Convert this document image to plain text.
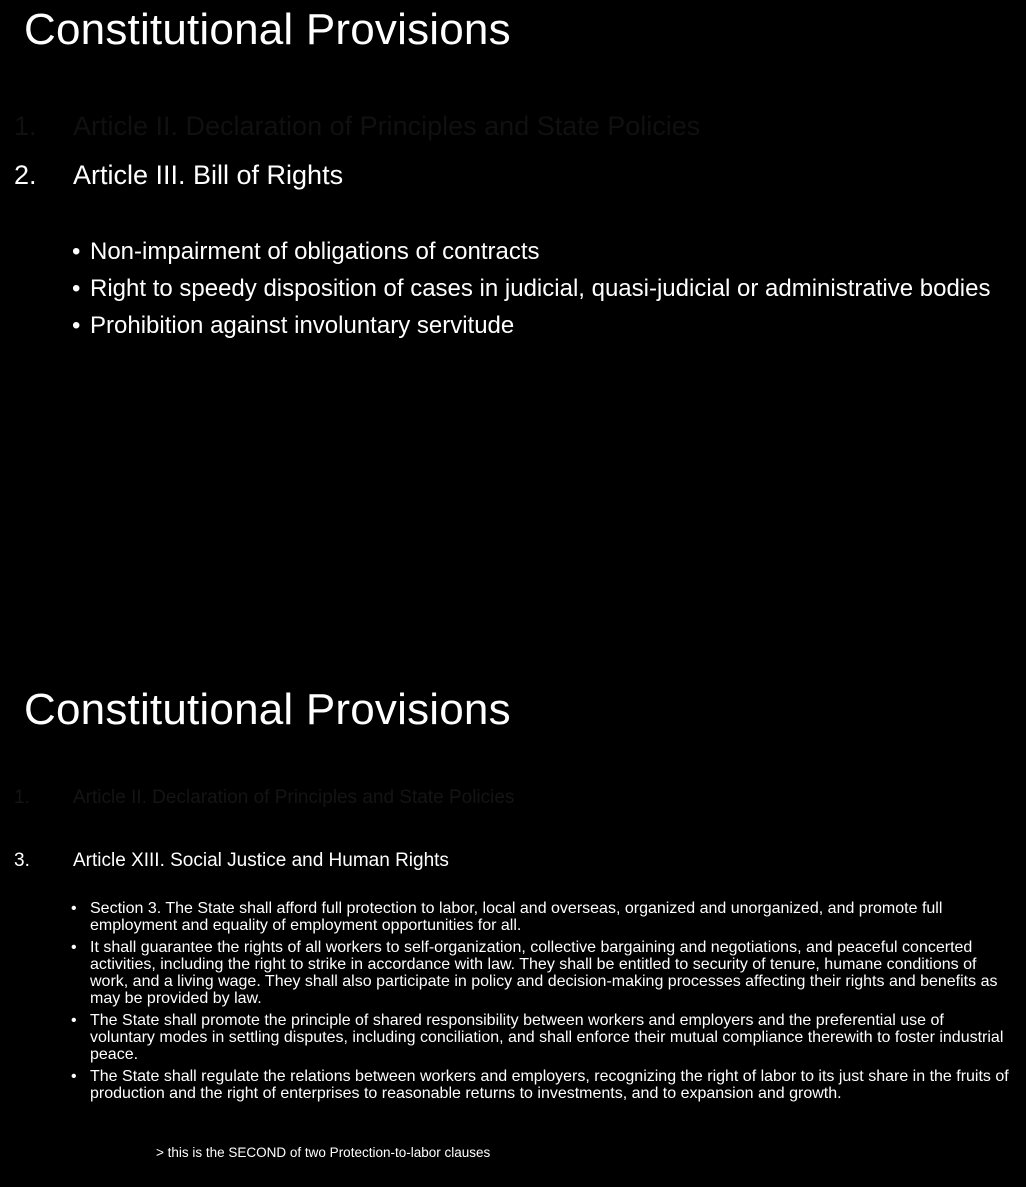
Constitutional Provisions
1. Article II. Declaration of Principles and State Policies
2. Article III. Bill of Rights
• Non-impairment of obligations of contracts
• Right to speedy disposition of cases in judicial, quasi-judicial or administrative bodies
• Prohibition against involuntary servitude
Constitutional Provisions
1. Article II. Declaration of Principles and State Policies
3. Article XIII. Social Justice and Human Rights
• Section 3. The State shall afford full protection to labor, local and overseas, organized and unorganized, and promote full employment and equality of employment opportunities for all.
• It shall guarantee the rights of all workers to self-organization, collective bargaining and negotiations, and peaceful concerted activities, including the right to strike in accordance with law. They shall be entitled to security of tenure, humane conditions of work, and a living wage. They shall also participate in policy and decision-making processes affecting their rights and benefits as may be provided by law.
• The State shall promote the principle of shared responsibility between workers and employers and the preferential use of voluntary modes in settling disputes, including conciliation, and shall enforce their mutual compliance therewith to foster industrial peace.
• The State shall regulate the relations between workers and employers, recognizing the right of labor to its just share in the fruits of production and the right of enterprises to reasonable returns to investments, and to expansion and growth.
> this is the SECOND of two Protection-to-labor clauses
